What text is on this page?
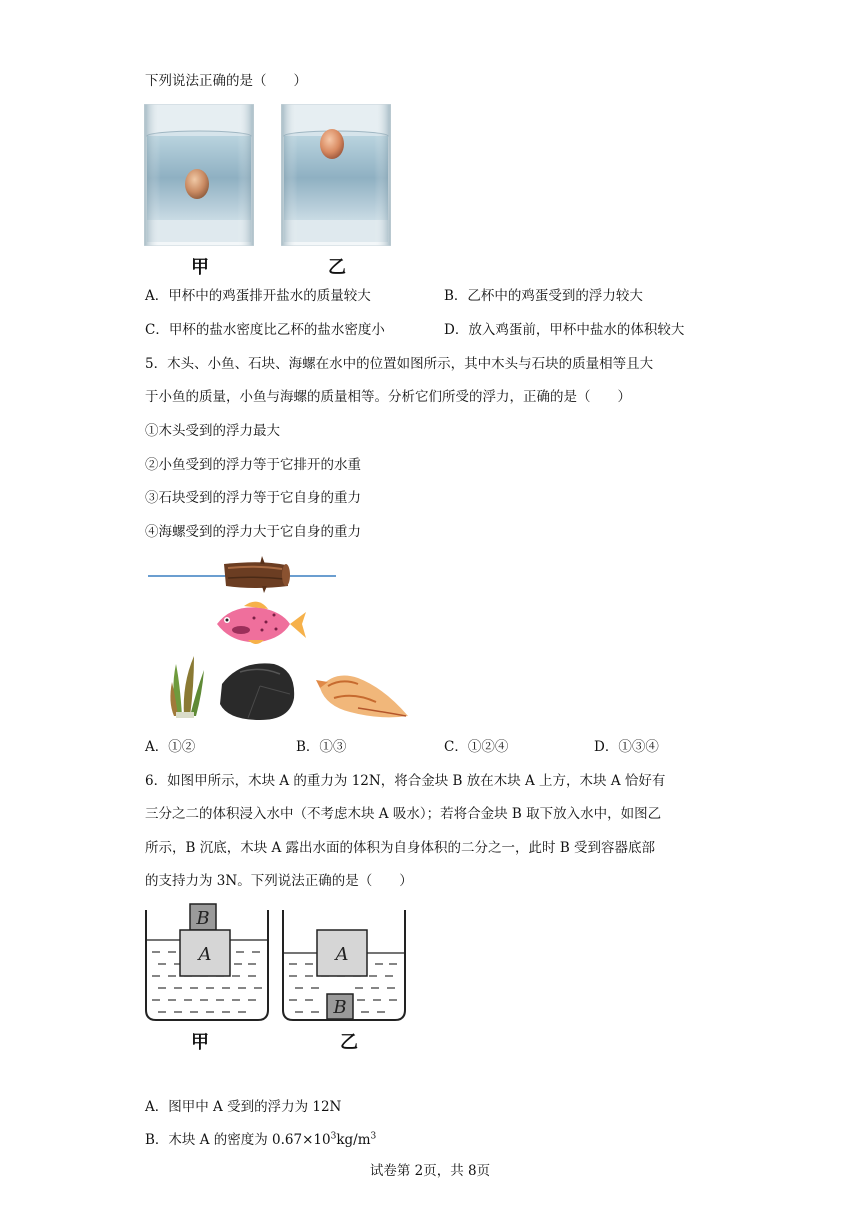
下列说法正确的是（　　）
甲	乙
A．甲杯中的鸡蛋排开盐水的质量较大	B．乙杯中的鸡蛋受到的浮力较大
C．甲杯的盐水密度比乙杯的盐水密度小	D．放入鸡蛋前，甲杯中盐水的体积较大
5．木头、小鱼、石块、海螺在水中的位置如图所示，其中木头与石块的质量相等且大
于小鱼的质量，小鱼与海螺的质量相等。分析它们所受的浮力，正确的是（　　）
①木头受到的浮力最大
②小鱼受到的浮力等于它排开的水重
③石块受到的浮力等于它自身的重力
④海螺受到的浮力大于它自身的重力
A．①②	B．①③	C．①②④	D．①③④
6．如图甲所示，木块 A 的重力为 12N，将合金块 B 放在木块 A 上方，木块 A 恰好有
三分之二的体积浸入水中（不考虑木块 A 吸水）；若将合金块 B 取下放入水中，如图乙
所示，B 沉底，木块 A 露出水面的体积为自身体积的二分之一，此时 B 受到容器底部
的支持力为 3N。下列说法正确的是（　　）
B
A	A
B
甲	乙
A．图甲中 A 受到的浮力为 12N
B．木块 A 的密度为 $0.67\times 10^3kg/m^3$
试卷第 2页，共 8页
